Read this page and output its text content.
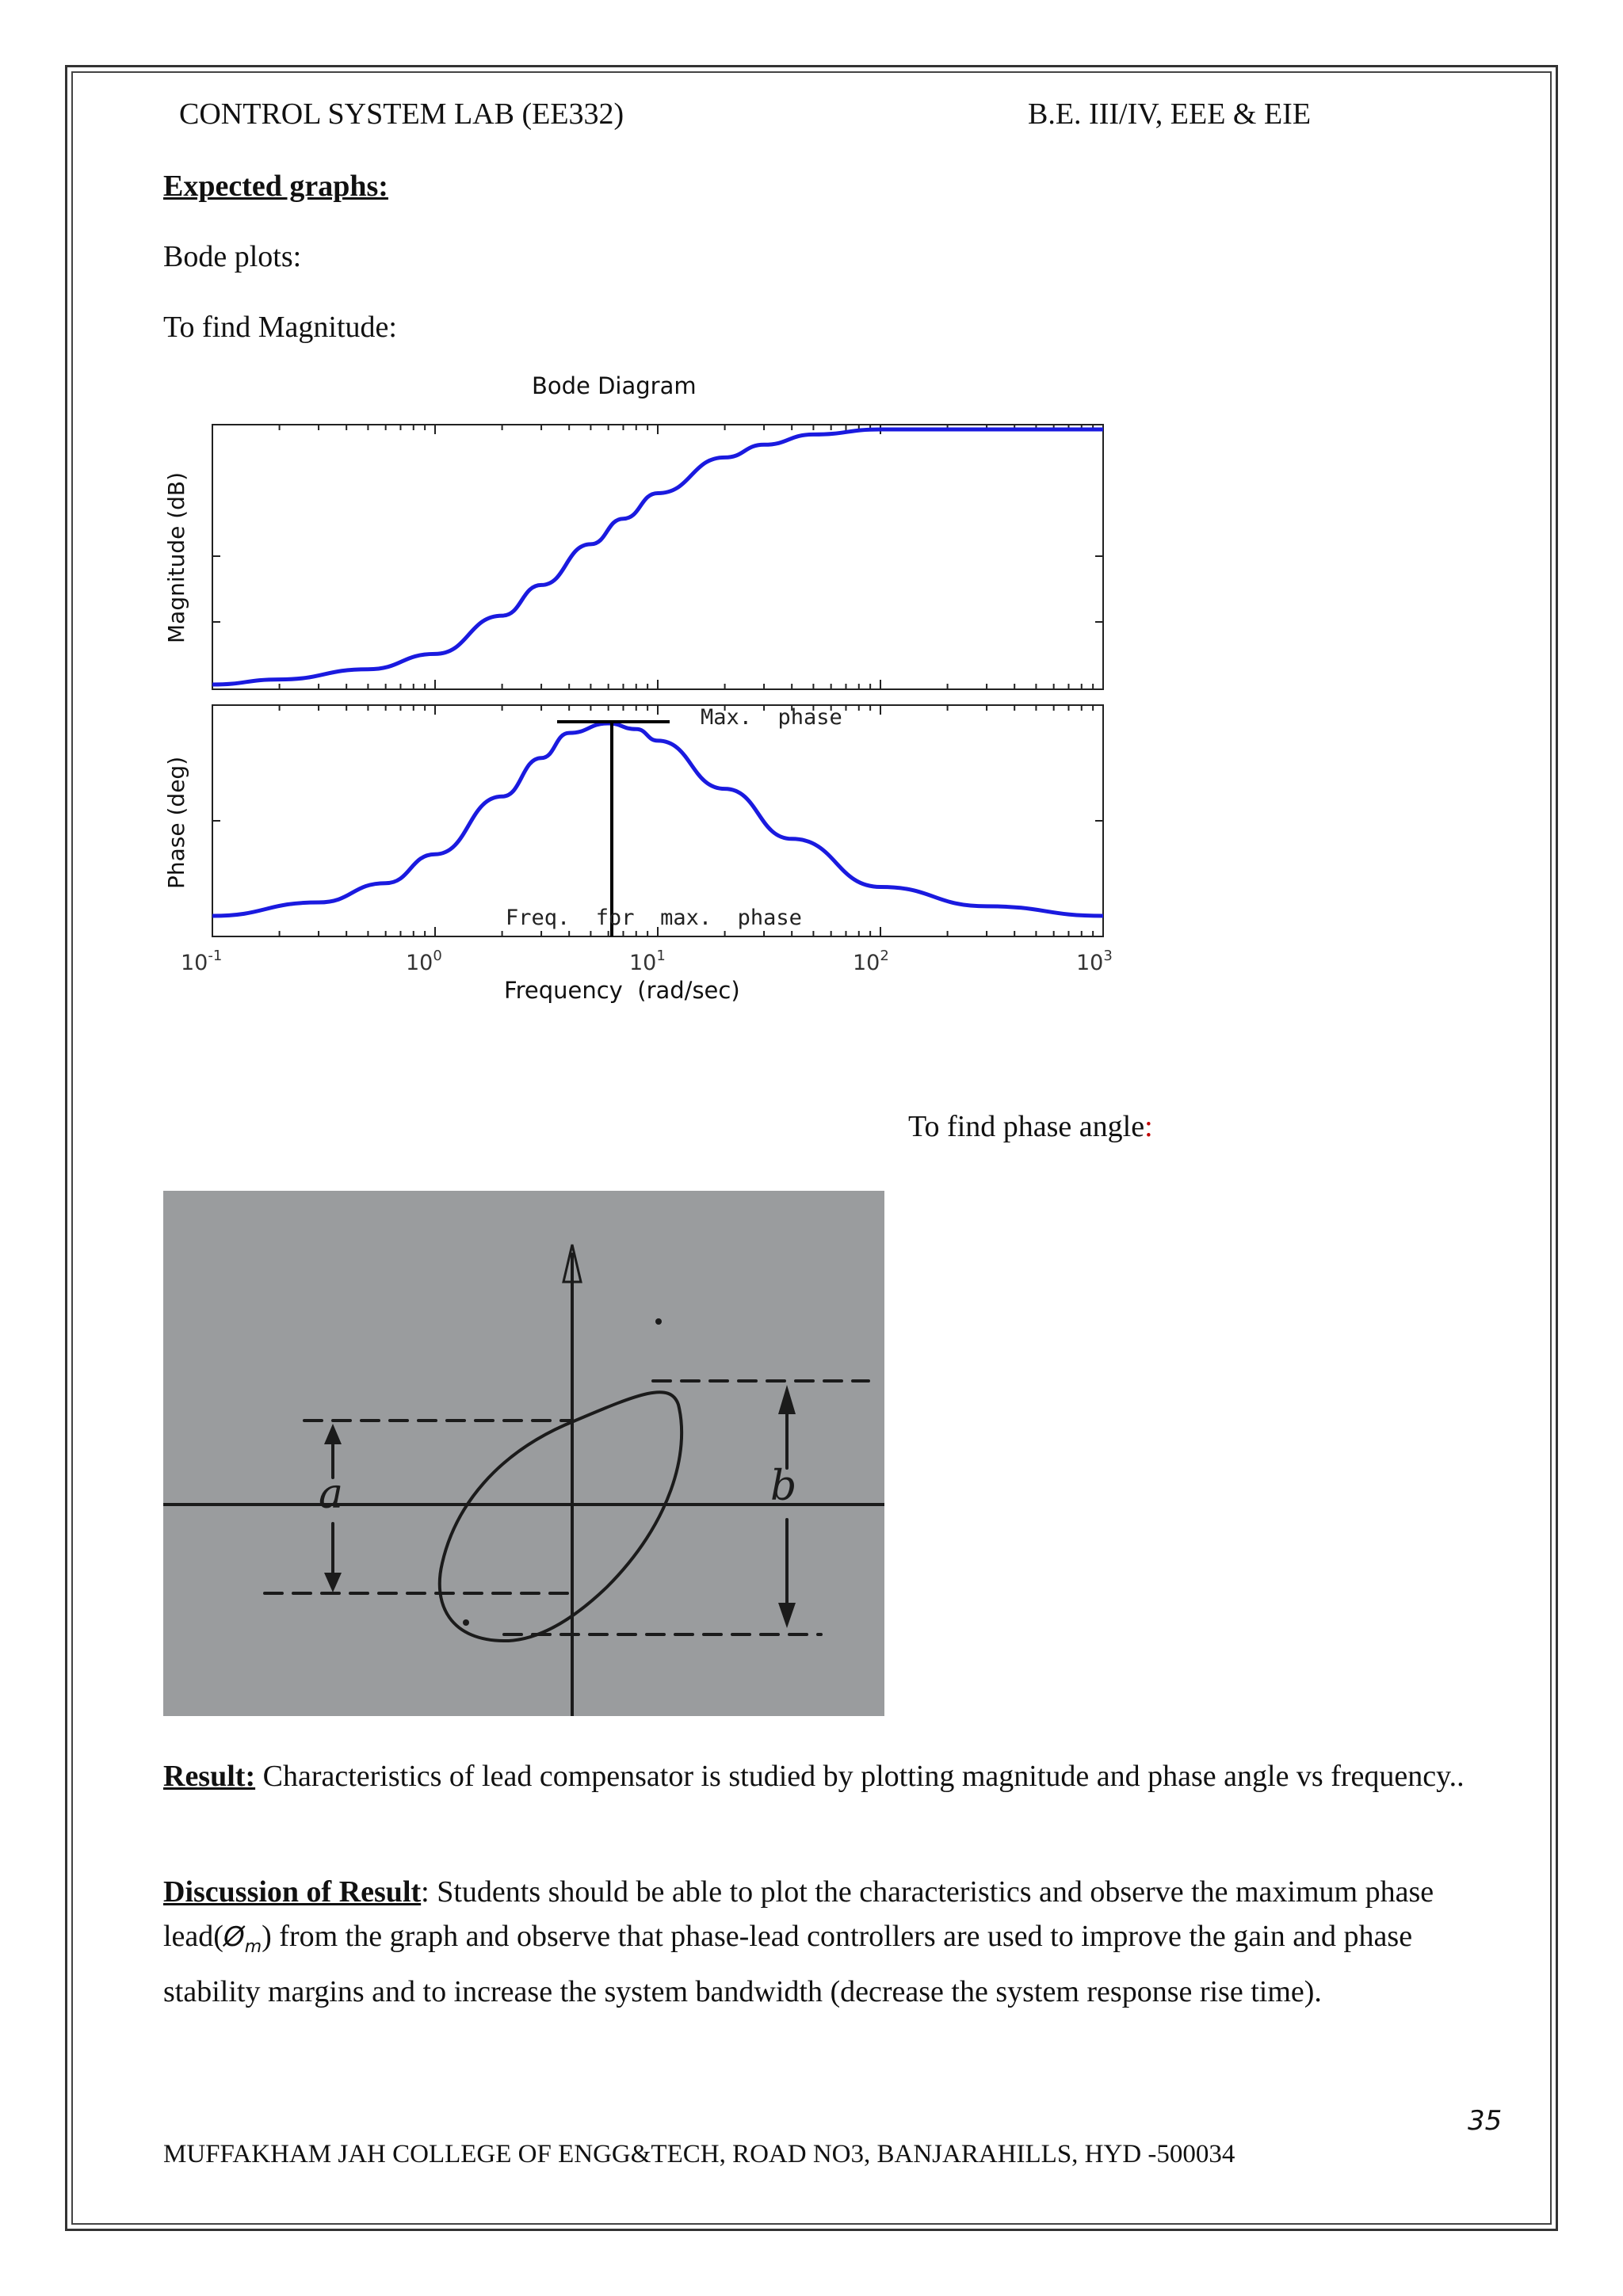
CONTROL SYSTEM LAB (EE332)	B.E. III/IV, EEE & EIE
Expected graphs:
Bode plots:
To find Magnitude:
Bode Diagram
Magnitude (dB)
Max.  phase
Freq.  for  max.  phase
Phase (deg)
$10^{-1}$	$10^0$	$10^1$	$10^2$	$10^3$
Frequency  (rad/sec)
To find phase angle:
a	b
Result: Characteristics of lead compensator is studied by plotting magnitude and phase angle vs frequency..
Discussion of Result: Students should be able to plot the characteristics and observe the maximum phase $lead(Ø_m)$ from the graph and observe that phase-lead controllers are used to improve the gain and phase stability margins and to increase the system bandwidth (decrease the system response rise time).
35
MUFFAKHAM JAH COLLEGE OF ENGG&TECH, ROAD NO3, BANJARAHILLS, HYD -500034
